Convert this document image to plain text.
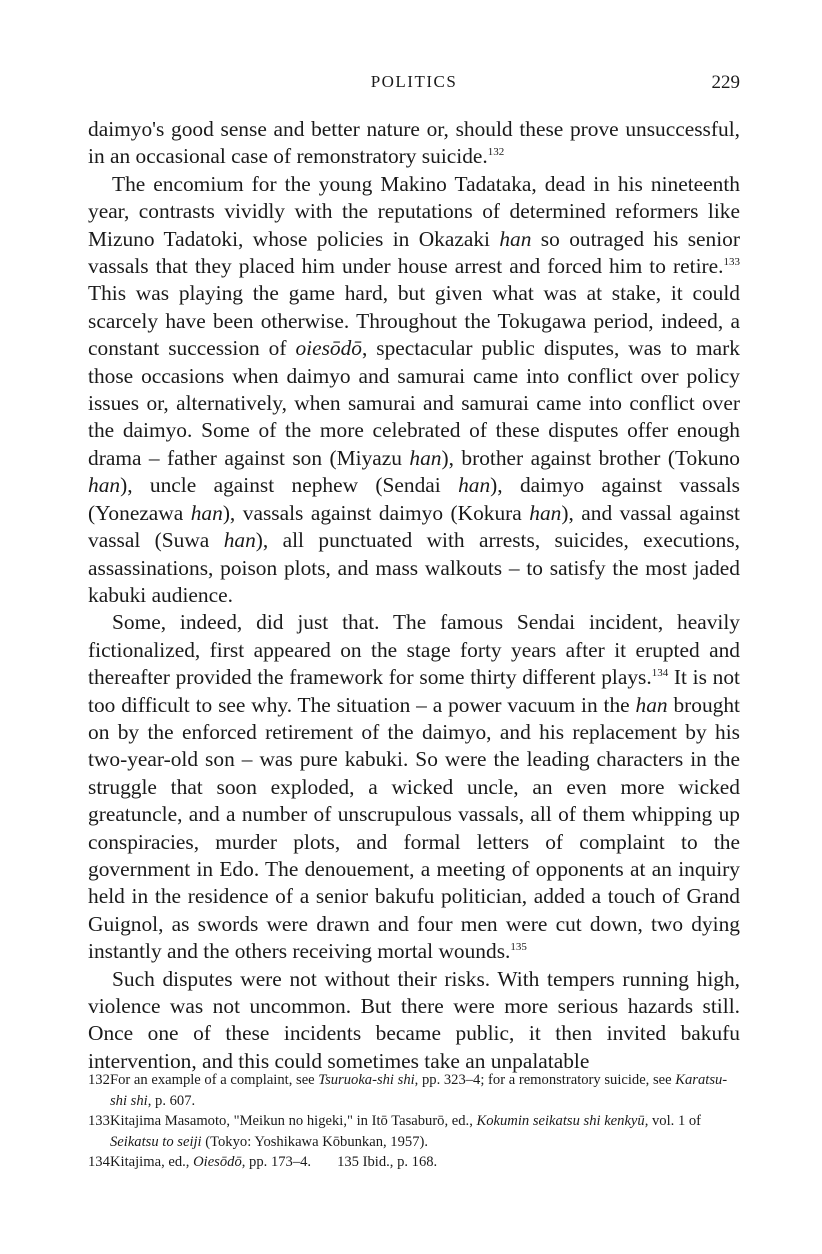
POLITICS	229

daimyo's good sense and better nature or, should these prove unsuccessful, in an occasional case of remonstratory suicide.$^{132}$

The encomium for the young Makino Tadataka, dead in his nineteenth year, contrasts vividly with the reputations of determined reformers like Mizuno Tadatoki, whose policies in Okazaki han so outraged his senior vassals that they placed him under house arrest and forced him to retire.$^{133}$ This was playing the game hard, but given what was at stake, it could scarcely have been otherwise. Throughout the Tokugawa period, indeed, a constant succession of oiesōdō, spectacular public disputes, was to mark those occasions when daimyo and samurai came into conflict over policy issues or, alternatively, when samurai and samurai came into conflict over the daimyo. Some of the more celebrated of these disputes offer enough drama – father against son (Miyazu han), brother against brother (Tokuno han), uncle against nephew (Sendai han), daimyo against vassals (Yonezawa han), vassals against daimyo (Kokura han), and vassal against vassal (Suwa han), all punctuated with arrests, suicides, executions, assassinations, poison plots, and mass walkouts – to satisfy the most jaded kabuki audience.

Some, indeed, did just that. The famous Sendai incident, heavily fictionalized, first appeared on the stage forty years after it erupted and thereafter provided the framework for some thirty different plays.$^{134}$ It is not too difficult to see why. The situation – a power vacuum in the han brought on by the enforced retirement of the daimyo, and his replacement by his two-year-old son – was pure kabuki. So were the leading characters in the struggle that soon exploded, a wicked uncle, an even more wicked greatuncle, and a number of unscrupulous vassals, all of them whipping up conspiracies, murder plots, and formal letters of complaint to the government in Edo. The denouement, a meeting of opponents at an inquiry held in the residence of a senior bakufu politician, added a touch of Grand Guignol, as swords were drawn and four men were cut down, two dying instantly and the others receiving mortal wounds.$^{135}$

Such disputes were not without their risks. With tempers running high, violence was not uncommon. But there were more serious hazards still. Once one of these incidents became public, it then invited bakufu intervention, and this could sometimes take an unpalatable

132For an example of a complaint, see Tsuruoka-shi shi, pp. 323–4; for a remonstratory suicide, see Karatsu-shi shi, p. 607.

133Kitajima Masamoto, "Meikun no higeki," in Itō Tasaburō, ed., Kokumin seikatsu shi kenkyū, vol. 1 of Seikatsu to seiji (Tokyo: Yoshikawa Kōbunkan, 1957).

134Kitajima, ed., Oiesōdō, pp. 173–4. 135 Ibid., p. 168.
